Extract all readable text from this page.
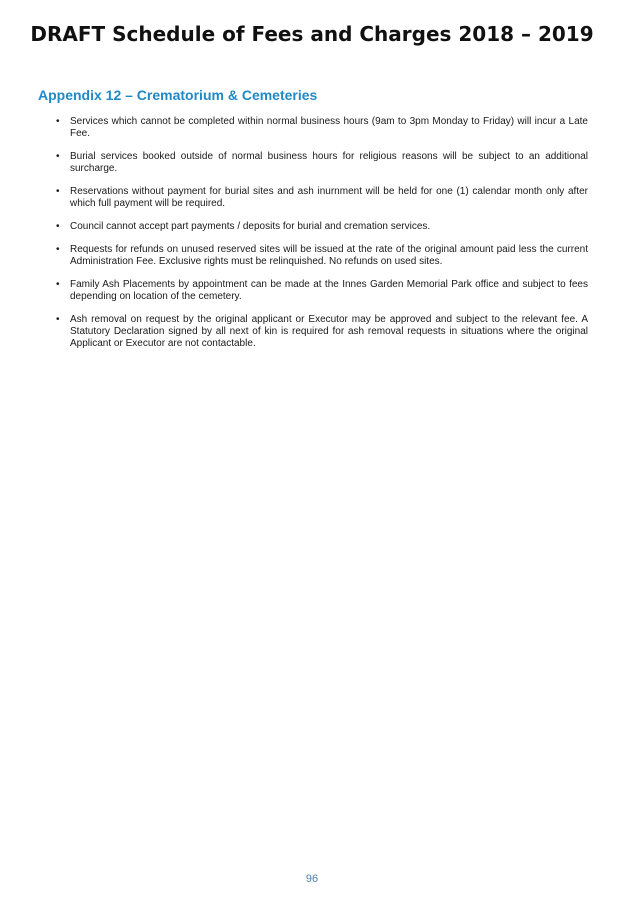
DRAFT Schedule of Fees and Charges 2018 – 2019
Appendix 12 – Crematorium & Cemeteries
• Services which cannot be completed within normal business hours (9am to 3pm Monday to Friday) will incur a Late Fee.
• Burial services booked outside of normal business hours for religious reasons will be subject to an additional surcharge.
• Reservations without payment for burial sites and ash inurnment will be held for one (1) calendar month only after which full payment will be required.
• Council cannot accept part payments / deposits for burial and cremation services.
• Requests for refunds on unused reserved sites will be issued at the rate of the original amount paid less the current Administration Fee. Exclusive rights must be relinquished. No refunds on used sites.
• Family Ash Placements by appointment can be made at the Innes Garden Memorial Park office and subject to fees depending on location of the cemetery.
• Ash removal on request by the original applicant or Executor may be approved and subject to the relevant fee. A Statutory Declaration signed by all next of kin is required for ash removal requests in situations where the original Applicant or Executor are not contactable.
96
